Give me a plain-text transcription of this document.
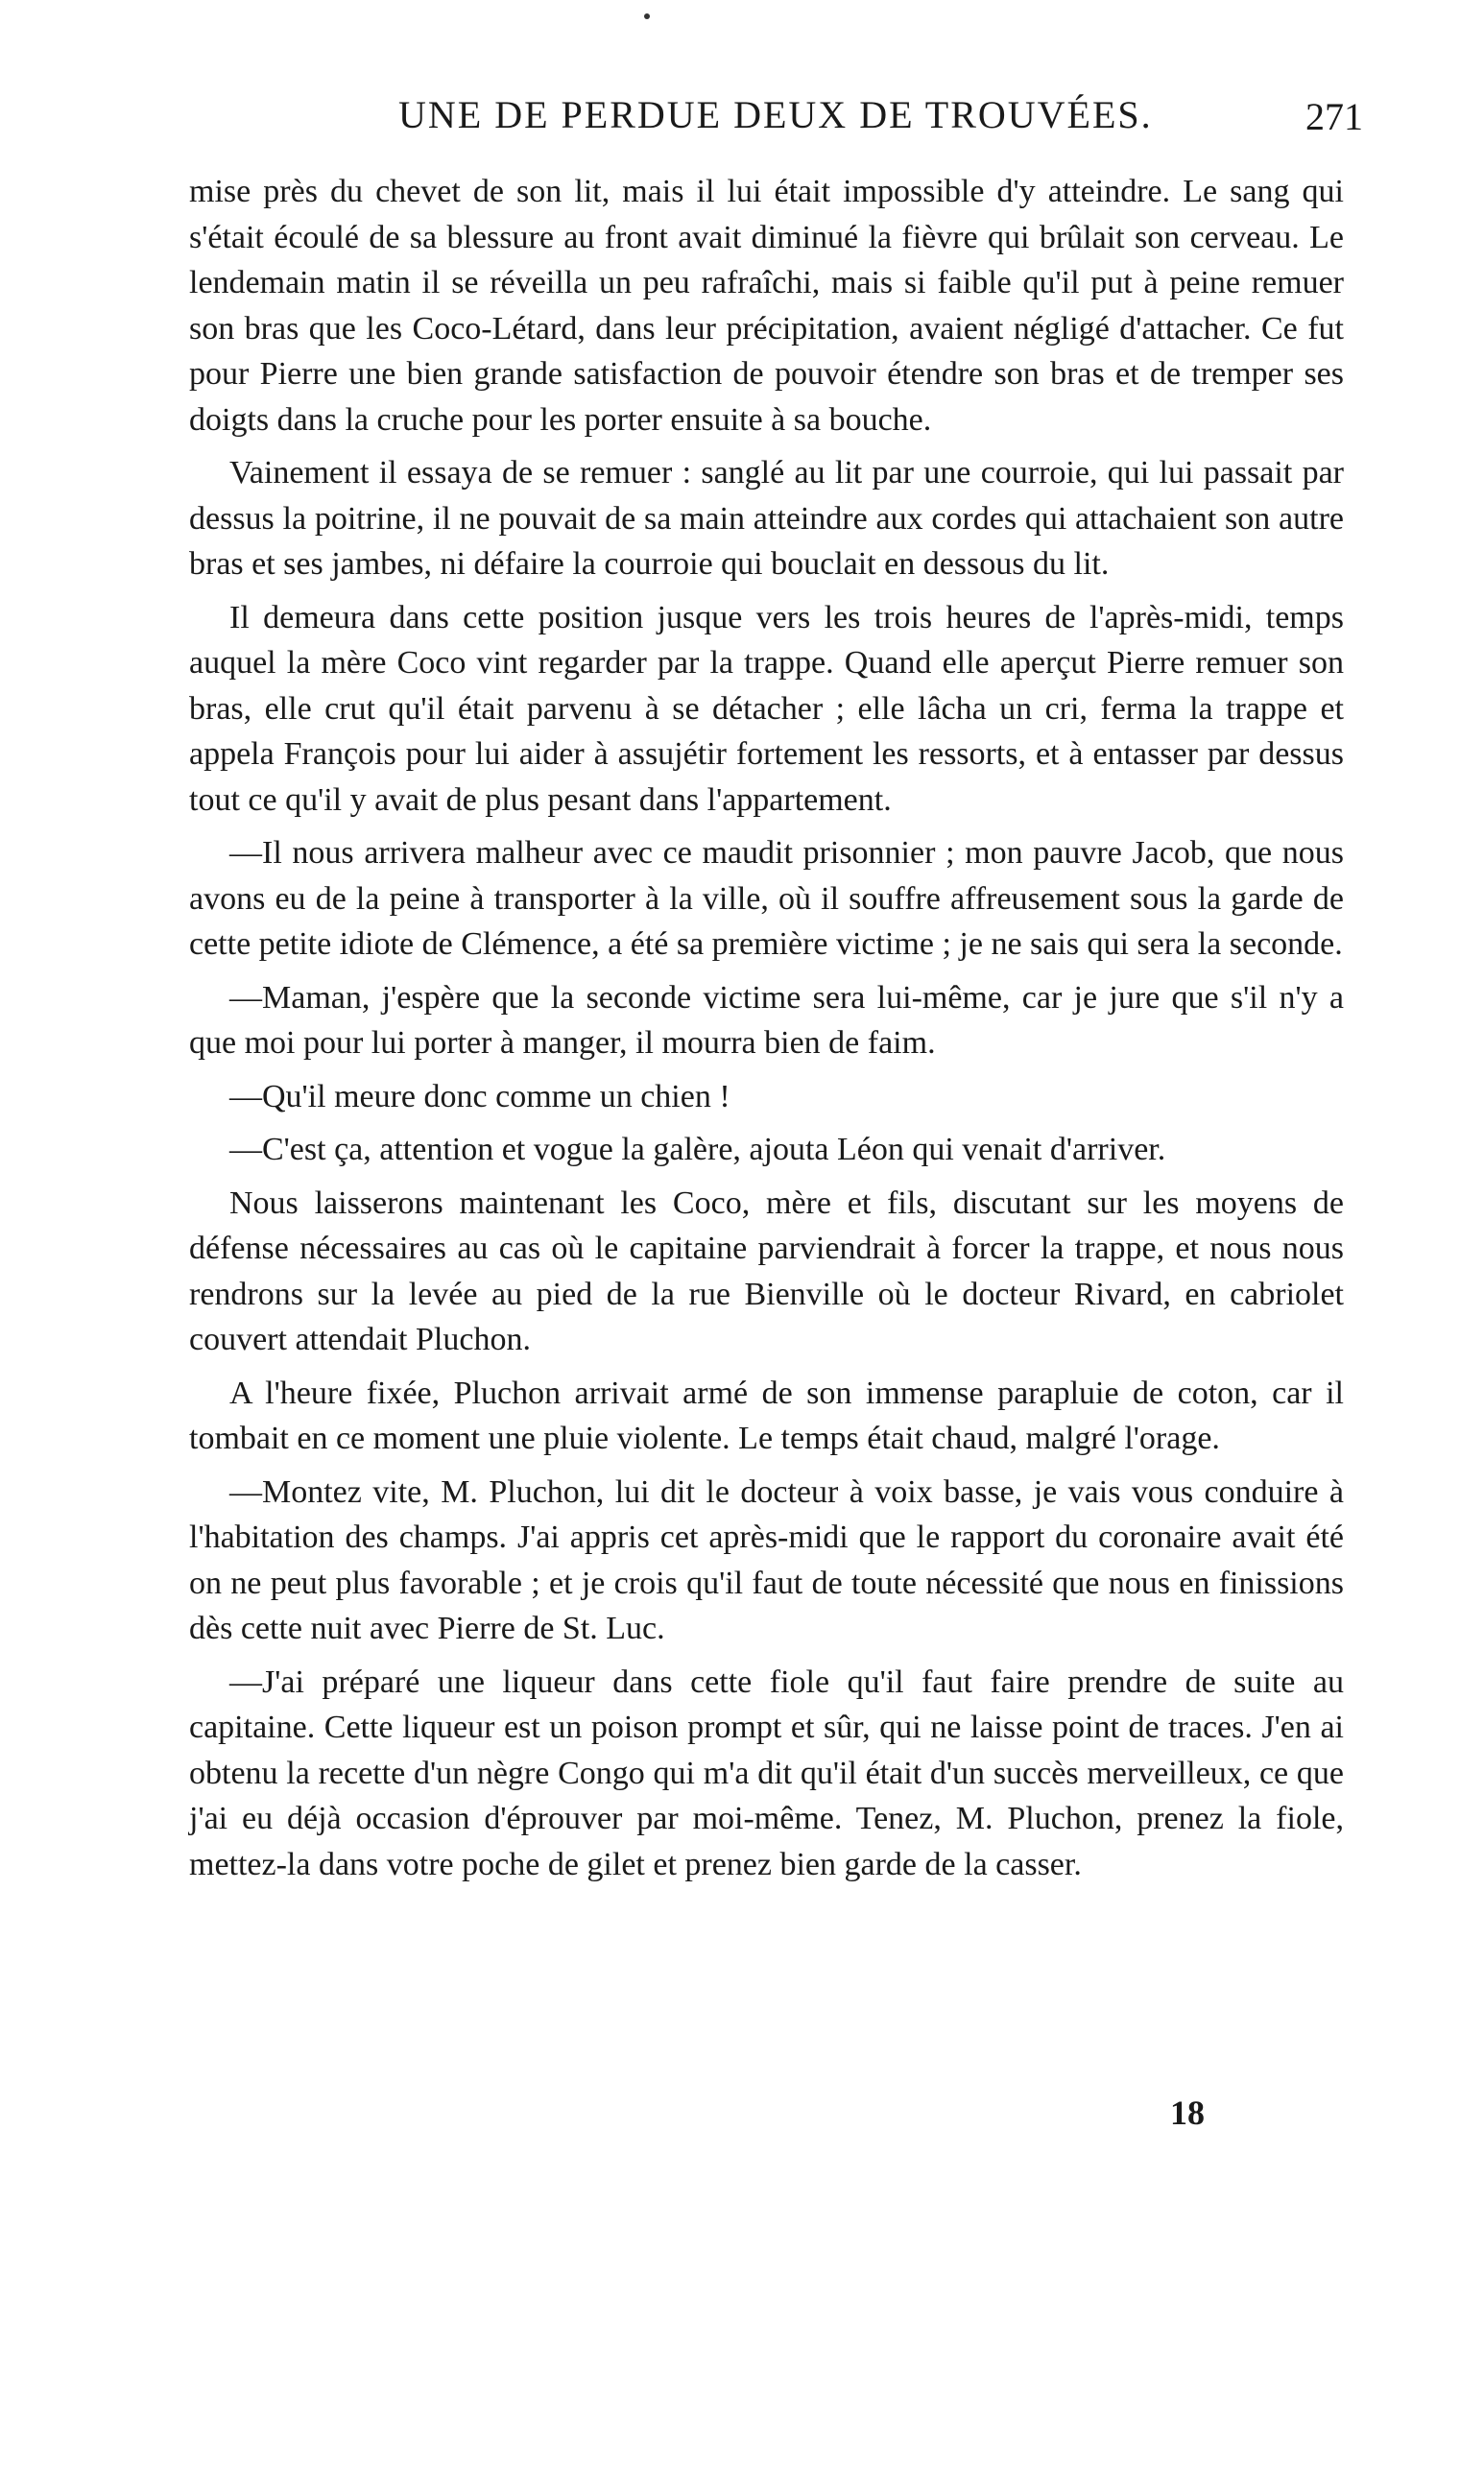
UNE DE PERDUE DEUX DE TROUVÉES.	271

mise près du chevet de son lit, mais il lui était impossible d'y atteindre. Le sang qui s'était écoulé de sa blessure au front avait diminué la fièvre qui brûlait son cerveau. Le lendemain matin il se réveilla un peu rafraîchi, mais si faible qu'il put à peine remuer son bras que les Coco-Létard, dans leur précipitation, avaient négligé d'attacher. Ce fut pour Pierre une bien grande satisfaction de pouvoir étendre son bras et de tremper ses doigts dans la cruche pour les porter ensuite à sa bouche.

Vainement il essaya de se remuer : sanglé au lit par une courroie, qui lui passait par dessus la poitrine, il ne pouvait de sa main atteindre aux cordes qui attachaient son autre bras et ses jambes, ni défaire la courroie qui bouclait en dessous du lit.

Il demeura dans cette position jusque vers les trois heures de l'après-midi, temps auquel la mère Coco vint regarder par la trappe. Quand elle aperçut Pierre remuer son bras, elle crut qu'il était parvenu à se détacher ; elle lâcha un cri, ferma la trappe et appela François pour lui aider à assujétir fortement les ressorts, et à entasser par dessus tout ce qu'il y avait de plus pesant dans l'appartement.

—Il nous arrivera malheur avec ce maudit prisonnier ; mon pauvre Jacob, que nous avons eu de la peine à transporter à la ville, où il souffre affreusement sous la garde de cette petite idiote de Clémence, a été sa première victime ; je ne sais qui sera la seconde.

—Maman, j'espère que la seconde victime sera lui-même, car je jure que s'il n'y a que moi pour lui porter à manger, il mourra bien de faim.

—Qu'il meure donc comme un chien !

—C'est ça, attention et vogue la galère, ajouta Léon qui venait d'arriver.

Nous laisserons maintenant les Coco, mère et fils, discutant sur les moyens de défense nécessaires au cas où le capitaine parviendrait à forcer la trappe, et nous nous rendrons sur la levée au pied de la rue Bienville où le docteur Rivard, en cabriolet couvert attendait Pluchon.

A l'heure fixée, Pluchon arrivait armé de son immense parapluie de coton, car il tombait en ce moment une pluie violente. Le temps était chaud, malgré l'orage.

—Montez vite, M. Pluchon, lui dit le docteur à voix basse, je vais vous conduire à l'habitation des champs. J'ai appris cet après-midi que le rapport du coronaire avait été on ne peut plus favorable ; et je crois qu'il faut de toute nécessité que nous en finissions dès cette nuit avec Pierre de St. Luc.

—J'ai préparé une liqueur dans cette fiole qu'il faut faire prendre de suite au capitaine. Cette liqueur est un poison prompt et sûr, qui ne laisse point de traces. J'en ai obtenu la recette d'un nègre Congo qui m'a dit qu'il était d'un succès merveilleux, ce que j'ai eu déjà occasion d'éprouver par moi-même. Tenez, M. Pluchon, prenez la fiole, mettez-la dans votre poche de gilet et prenez bien garde de la casser.

18
